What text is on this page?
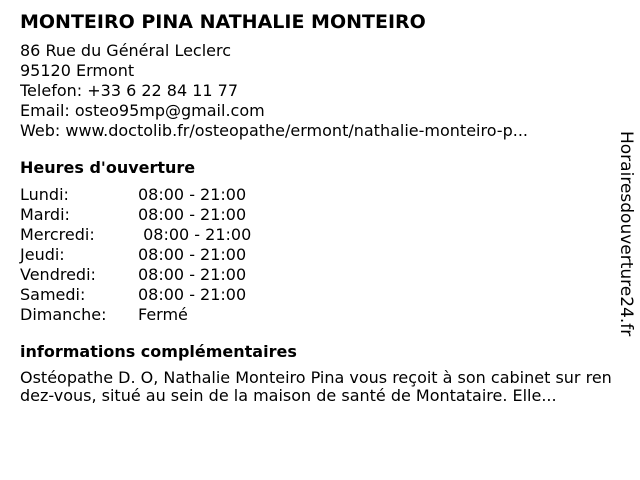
MONTEIRO PINA NATHALIE MONTEIRO
86 Rue du Général Leclerc
95120 Ermont
Telefon: +33 6 22 84 11 77
Email: osteo95mp@gmail.com
Web: www.doctolib.fr/osteopathe/ermont/nathalie-monteiro-p...
Heures d'ouverture
Lundi:	08:00 - 21:00
Mardi:	08:00 - 21:00
Mercredi:	08:00 - 21:00
Jeudi:	08:00 - 21:00
Vendredi:	08:00 - 21:00
Samedi:	08:00 - 21:00
Dimanche:	Fermé
informations complémentaires
Ostéopathe D. O, Nathalie Monteiro Pina vous reçoit à son cabinet sur rendez-vous, situé au sein de la maison de santé de Montataire. Elle...
Horairesdouverture24.fr
